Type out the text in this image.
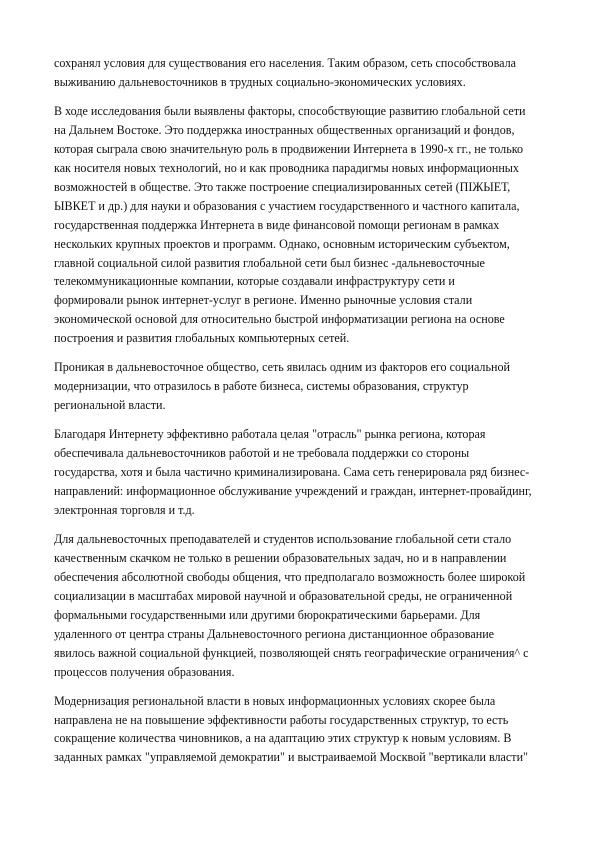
сохранял условия для существования его населения. Таким образом, сеть способствовала
выживанию дальневосточников в трудных социально-экономических условиях.
В ходе исследования были выявлены факторы, способствующие развитию глобальной сети
на Дальнем Востоке. Это поддержка иностранных общественных организаций и фондов,
которая сыграла свою значительную роль в продвижении Интернета в 1990-х гг., не только
как носителя новых технологий, но и как проводника парадигмы новых информационных
возможностей в обществе. Это также построение специализированных сетей (ПІЖЫЕТ,
ЫВКЕТ и др.) для науки и образования с участием государственного и частного капитала,
государственная поддержка Интернета в виде финансовой помощи регионам в рамках
нескольких крупных проектов и программ. Однако, основным историческим субъектом,
главной социальной силой развития глобальной сети был бизнес -дальневосточные
телекоммуникационные компании, которые создавали инфраструктуру сети и
формировали рынок интернет-услуг в регионе. Именно рыночные условия стали
экономической основой для относительно быстрой информатизации региона на основе
построения и развития глобальных компьютерных сетей.
Проникая в дальневосточное общество, сеть явилась одним из факторов его социальной
модернизации, что отразилось в работе бизнеса, системы образования, структур
региональной власти.
Благодаря Интернету эффективно работала целая "отрасль" рынка региона, которая
обеспечивала дальневосточников работой и не требовала поддержки со стороны
государства, хотя и была частично криминализирована. Сама сеть генерировала ряд бизнес-
направлений: информационное обслуживание учреждений и граждан, интернет-провайдинг,
электронная торговля и т.д.
Для дальневосточных преподавателей и студентов использование глобальной сети стало
качественным скачком не только в решении образовательных задач, но и в направлении
обеспечения абсолютной свободы общения, что предполагало возможность более широкой
социализации в масштабах мировой научной и образовательной среды, не ограниченной
формальными государственными или другими бюрократическими барьерами. Для
удаленного от центра страны Дальневосточного региона дистанционное образование
явилось важной социальной функцией, позволяющей снять географические ограничения^ с
процессов получения образования.
Модернизация региональной власти в новых информационных условиях скорее была
направлена не на повышение эффективности работы государственных структур, то есть
сокращение количества чиновников, а на адаптацию этих структур к новым условиям. В
заданных рамках "управляемой демократии" и выстраиваемой Москвой "вертикали власти"
